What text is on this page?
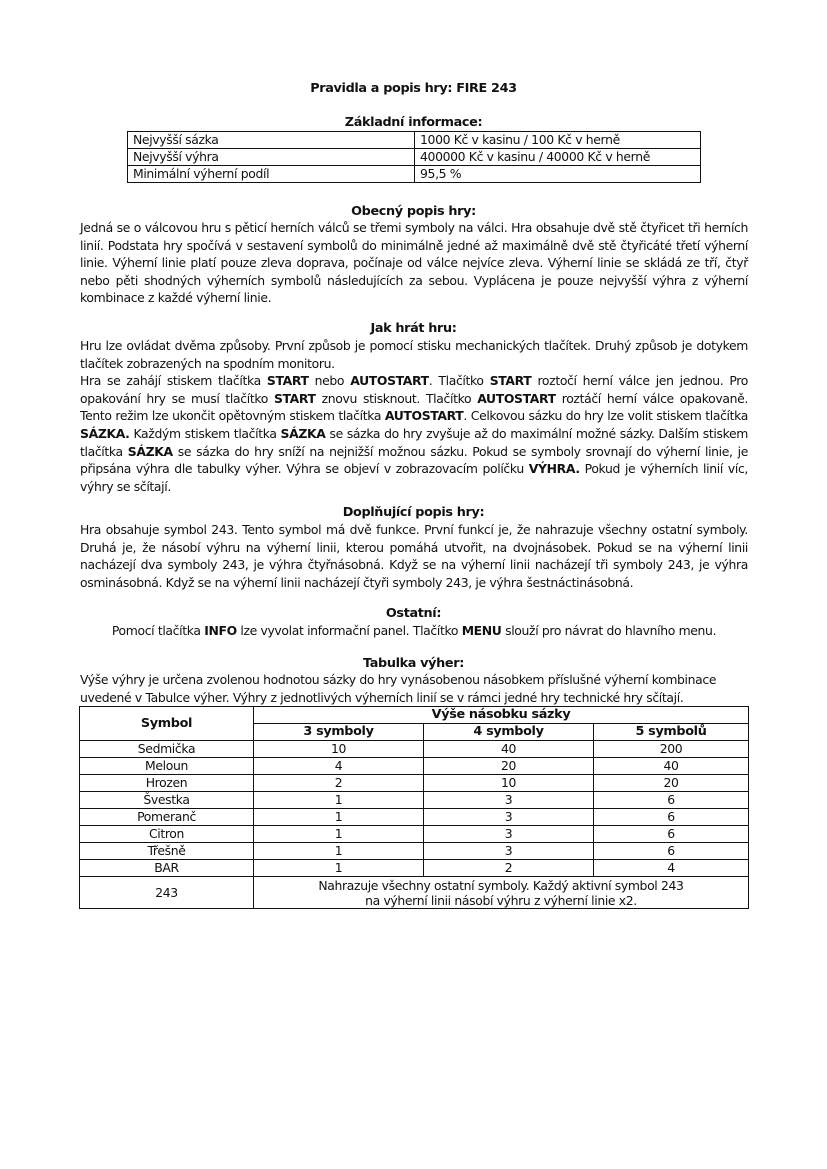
Pravidla a popis hry: FIRE 243
Základní informace:
Nejvyšší sázka	1000 Kč v kasinu / 100 Kč v herně
Nejvyšší výhra	400000 Kč v kasinu / 40000 Kč v herně
Minimální výherní podíl	95,5 %
Obecný popis hry:

Jedná se o válcovou hru s pěticí herních válců se třemi symboly na válci. Hra obsahuje dvě stě čtyřicet tři herních linií. Podstata hry spočívá v sestavení symbolů do minimálně jedné až maximálně dvě stě čtyřicáté třetí výherní linie. Výherní linie platí pouze zleva doprava, počínaje od válce nejvíce zleva. Výherní linie se skládá ze tří, čtyř nebo pěti shodných výherních symbolů následujících za sebou. Vyplácena je pouze nejvyšší výhra z výherní kombinace z každé výherní linie.

Jak hrát hru:

Hru lze ovládat dvěma způsoby. První způsob je pomocí stisku mechanických tlačítek. Druhý způsob je dotykem tlačítek zobrazených na spodním monitoru.

Hra se zahájí stiskem tlačítka START nebo AUTOSTART. Tlačítko START roztočí herní válce jen jednou. Pro opakování hry se musí tlačítko START znovu stisknout. Tlačítko AUTOSTART roztáčí herní válce opakovaně. Tento režim lze ukončit opětovným stiskem tlačítka AUTOSTART. Celkovou sázku do hry lze volit stiskem tlačítka SÁZKA. Každým stiskem tlačítka SÁZKA se sázka do hry zvyšuje až do maximální možné sázky. Dalším stiskem tlačítka SÁZKA se sázka do hry sníží na nejnižší možnou sázku. Pokud se symboly srovnají do výherní linie, je připsána výhra dle tabulky výher. Výhra se objeví v zobrazovacím políčku VÝHRA. Pokud je výherních linií víc, výhry se sčítají.

Doplňující popis hry:

Hra obsahuje symbol 243. Tento symbol má dvě funkce. První funkcí je, že nahrazuje všechny ostatní symboly. Druhá je, že násobí výhru na výherní linii, kterou pomáhá utvořit, na dvojnásobek. Pokud se na výherní linii nacházejí dva symboly 243, je výhra čtyřnásobná. Když se na výherní linii nacházejí tři symboly 243, je výhra osminásobná. Když se na výherní linii nacházejí čtyři symboly 243, je výhra šestnáctinásobná.

Ostatní:

Pomocí tlačítka INFO lze vyvolat informační panel. Tlačítko MENU slouží pro návrat do hlavního menu.

Tabulka výher:

Výše výhry je určena zvolenou hodnotou sázky do hry vynásobenou násobkem příslušné výherní kombinace uvedené v Tabulce výher. Výhry z jednotlivých výherních linií se v rámci jedné hry technické hry sčítají.

Symbol	Výše násobku sázky		
	3 symboly	4 symboly	5 symbolů
Sedmička	10	40	200
Meloun	4	20	40
Hrozen	2	10	20
Švestka	1	3	6
Pomeranč	1	3	6
Citron	1	3	6
Třešně	1	3	6
BAR	1	2	4
243	Nahrazuje všechny ostatní symboly. Každý aktivní symbol 243
na výherní linii násobí výhru z výherní linie x2.		
